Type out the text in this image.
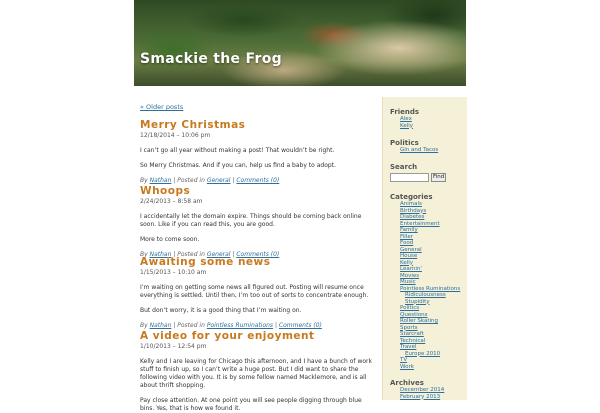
Smackie the Frog
« Older posts
Merry Christmas
12/18/2014 – 10:06 pm

I can’t go all year without making a post! That wouldn’t be right.

So Merry Christmas. And if you can, help us find a baby to adopt.

By Nathan | Posted in General | Comments (0)
Whoops
2/24/2013 – 8:58 am

I accidentally let the domain expire. Things should be coming back online soon. Like if you can read this, you are good.

More to come soon.

By Nathan | Posted in General | Comments (0)
Awaiting some news
1/15/2013 – 10:10 am

I’m waiting on getting some news all figured out. Posting will resume once everything is settled. Until then, I’m too out of sorts to concentrate enough.

But don’t worry, it is a good thing that I’m waiting on.

By Nathan | Posted in Pointless Ruminations | Comments (0)
A video for your enjoyment
1/10/2013 – 12:54 pm

Kelly and I are leaving for Chicago this afternoon, and I have a bunch of work stuff to finish up, so I can’t write a huge post. But I did want to share the following video with you. It is by some fellow named Macklemore, and is all about thrift shopping.

Pay close attention. At one point you will see people digging through blue bins. Yes, that is how we found it.

Friends
Alex
Kelly
Politics
Gin and Tacos
Search
Find
Categories
Animals
Birthdays
Diabetes
Entertainment
Family
Filler
Food
General
House
Kelly
Learnin'
Movies
Music
Pointless Ruminations
Ridiculousness
Stupidity
Politics
Questions
Roller Skating
Sports
Starcraft
Technical
Travel
Europe 2010
TV
Work
Archives
December 2014
February 2013
